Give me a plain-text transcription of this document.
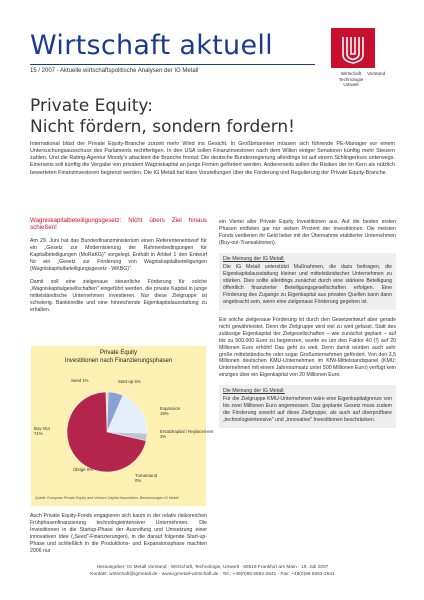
Wirtschaft aktuell
15 / 2007 - Aktuelle wirtschaftspolitische Analysen der IG Metall	Wirtschaft
Technologie
Umwelt
Vorstand
Private Equity:
Nicht fördern, sondern fordern!
International bläst der Private Equity-Branche zurzeit mehr Wind ins Gesicht. In Großbritannien müssen sich führende PE-Manager vor einem Untersuchungsausschuss des Parlaments rechtfertigen. In den USA sollen Finanzinvestoren nach dem Willen einiger Senatoren künftig mehr Steuern zahlen. Und die Rating-Agentur Moody's attackiert die Branche frontal: Die deutsche Bundesregierung allerdings ist auf einem Schlingerkurs unterwegs. Einerseits soll künftig die Vergabe von privatem Wagniskapital an junge Firmen gefördert werden. Andererseits sollen die Risiken der im Kern als nützlich bewerteten Finanzinvestoren begrenzt werden. Die IG Metall hat klare Vorstellungen über die Förderung und Regulierung der Private Equity-Branche.

Wagniskapitalbeteiligungsgesetz: Nicht übers Ziel hinaus schießen!

Am 29. Juni hat das Bundesfinanzministerium einen Referentenentwurf für ein „Gesetz zur Modernisierung der Rahmenbedingungen für Kapitalbeteiligungen (MoRaKG)" vorgelegt. Enthält in Artikel 1 den Entwurf für ein „Gesetz zur Förderung von Wagniskapitalbeteiligungen (Wagniskapitalbeteiligungsgesetz - WKBG)".

Damit soll eine zielgenaue steuerliche Förderung für solche „Wagniskapitalgesellschaften" eingeführt werden, die private Kapital in junge mittelständische Unternehmen investieren. Nur diese Zielgruppe ist schwierig. Bankkredite und eine hinreichende Eigenkapitalausstattung zu erhalten.

Private Equity
Investitionen nach Finanzierungsphasen
Seed 1%	Start-up 6%
Expansion
19%
Ersatzkapital / Replacement
3%
Buy-Out
71%
Turnaround
0%
Übrige 0%
Quelle: European Private Equity and Venture Capital Association, Berechnungen IG Metall
Auch Private Equity-Fonds engagieren sich kaum in der relativ risikoreichen Frühphasenfinanzierung technologieintensiver Unternehmen. Die Investitionen in die Startup-Phase der Ausreifung und Umsetzung einer innovativen Idee („Seed"-Finanzierungen), in die darauf folgende Start-up-Phase und schließlich in die Produktions- und Expansionsphase machten 2006 nur

ein Viertel aller Private Equity Investitionen aus. Auf die beiden ersten Phasen entfielen gar nur sieben Prozent der Investitionen. Die meisten Fonds verdienen ihr Geld lieber mit der Übernahme etablierter Unternehmen (Buy-out-Transaktionen).

Die Meinung der IG Metall:
Die IG Metall unterstützt Maßnahmen, die dazu beitragen, die Eigenkapitalausstattung kleiner und mittelständischer Unternehmen zu stärken. Dies sollte allerdings zunächst durch eine stärkere Beteiligung öffentlich finanzierter Beteiligungsgesellschaften erfolgen. Eine Förderung des Zugangs zu Eigenkapital aus privaten Quellen kann dann angebracht sein, wenn eine zielgenaue Förderung gegeben ist.

Ein solche zielgenaue Förderung ist durch den Gesetzentwurf aber gerade nicht gewährleistet. Denn die Zielgruppe wird viel zu weit gefasst. Statt des zulässige Eigenkapital der Zielgesellschaften – wie zunächst geplant – auf bis zu 500.000 Euro zu begrenzen, wurde es um den Faktor 40 (!) auf 20 Millionen Euro erhöht! Das geht zu weit. Denn damit würden auch sehr große mittelständische oder sogar Großunternehmen gefördert. Von den 3,5 Millionen deutschen KMU-Unternehmen im KfW-Mittelstandspanel (KMU: Unternehmen mit einem Jahresumsatz unter 500 Millionen Euro) verfügt kein einziges über ein Eigenkapital von 20 Millionen Euro.

Die Meinung der IG Metall:
Für die Zielgruppe KMU-Unternehmen wäre eine Eigenkapitalgrenze von bis zwei Millionen Euro angemessen. Das geplante Gesetz muss zudem die Förderung sowohl auf diese Zielgruppe, als auch auf überprüfbare „technologieintensive" und „innovative" Investitionen beschränken.
Herausgeber: IG Metall Vorstand · Wirtschaft, Technologie, Umwelt · 60519 Frankfurt am Main · 19. Juli 2007
Kontakt: wirtschaft@igmetall.de · www.igmetall-wirtschaft.de · Tel.: +49(0)69 6693-2641 · Fax: +49(0)69 6693-2641
